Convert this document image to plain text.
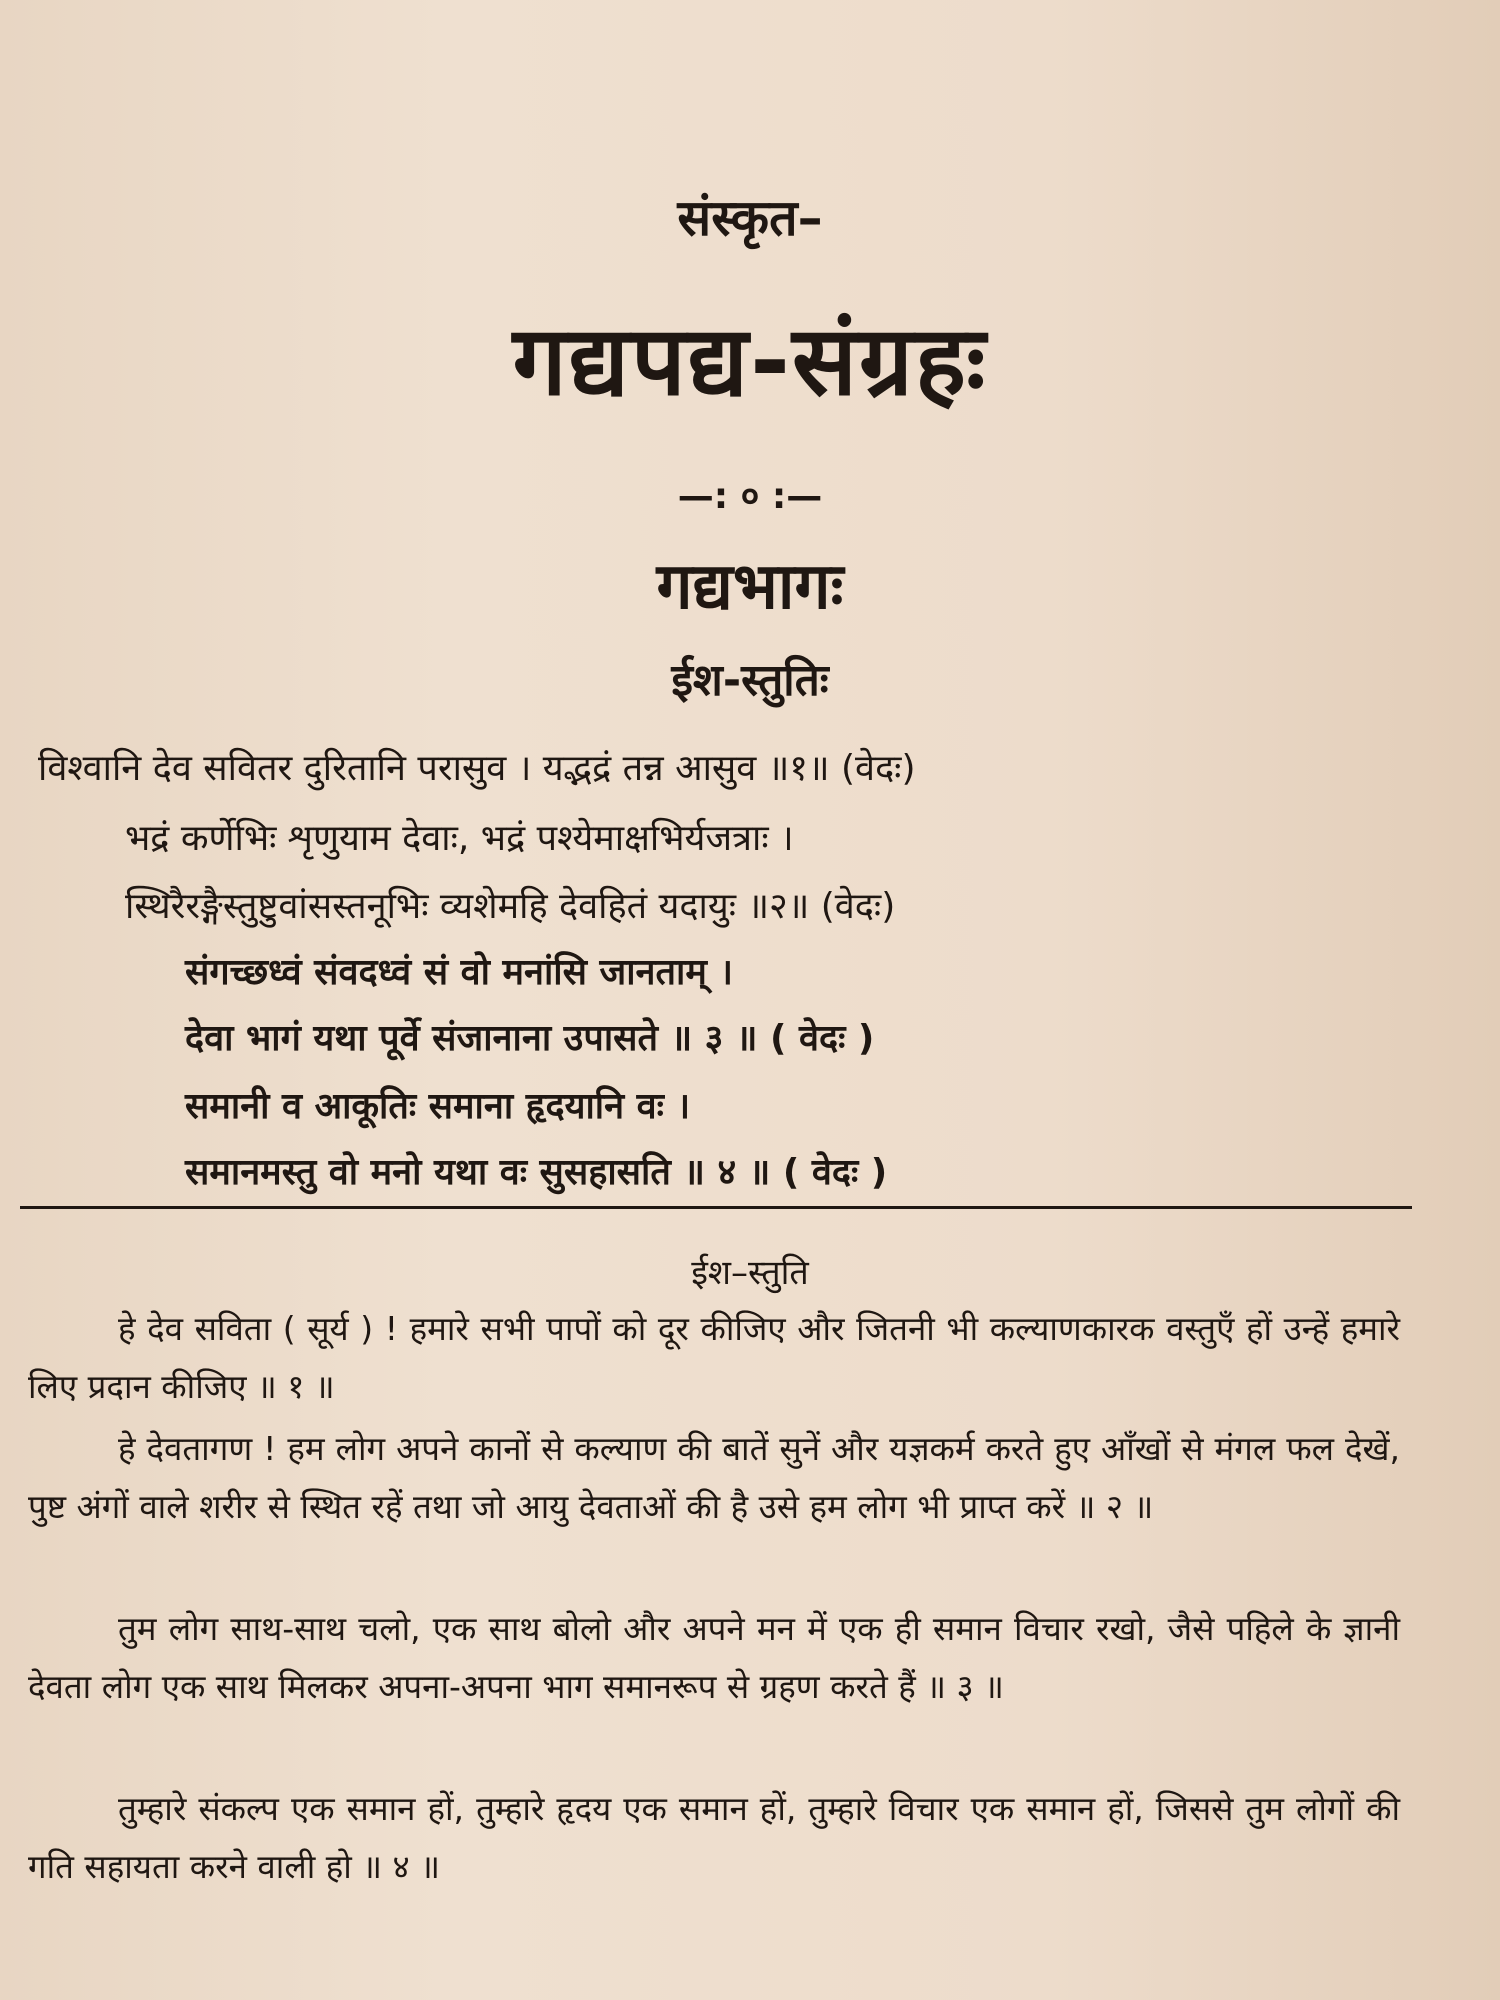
संस्कृत–
गद्यपद्य-संग्रहः
—: ० :—
गद्यभागः
ईश-स्तुतिः
विश्वानि देव सवितर दुरितानि परासुव । यद्भद्रं तन्न आसुव ॥१॥ (वेदः)
भद्रं कर्णेभिः शृणुयाम देवाः, भद्रं पश्येमाक्षभिर्यजत्राः ।
स्थिरैरङ्गैस्तुष्टुवांसस्तनूभिः व्यशेमहि देवहितं यदायुः ॥२॥ (वेदः)
संगच्छध्वं संवदध्वं सं वो मनांसि जानताम् ।
देवा भागं यथा पूर्वे संजानाना उपासते ॥ ३ ॥ ( वेदः )
समानी व आकूतिः समाना हृदयानि वः ।
समानमस्तु वो मनो यथा वः सुसहासति ॥ ४ ॥ ( वेदः )
ईश–स्तुति
हे देव सविता ( सूर्य ) ! हमारे सभी पापों को दूर कीजिए और जितनी भी कल्याणकारक वस्तुएँ हों उन्हें हमारे लिए प्रदान कीजिए ॥ १ ॥
हे देवतागण ! हम लोग अपने कानों से कल्याण की बातें सुनें और यज्ञकर्म करते हुए आँखों से मंगल फल देखें, पुष्ट अंगों वाले शरीर से स्थित रहें तथा जो आयु देवताओं की है उसे हम लोग भी प्राप्त करें ॥ २ ॥
तुम लोग साथ-साथ चलो, एक साथ बोलो और अपने मन में एक ही समान विचार रखो, जैसे पहिले के ज्ञानी देवता लोग एक साथ मिलकर अपना-अपना भाग समानरूप से ग्रहण करते हैं ॥ ३ ॥
तुम्हारे संकल्प एक समान हों, तुम्हारे हृदय एक समान हों, तुम्हारे विचार एक समान हों, जिससे तुम लोगों की गति सहायता करने वाली हो ॥ ४ ॥
